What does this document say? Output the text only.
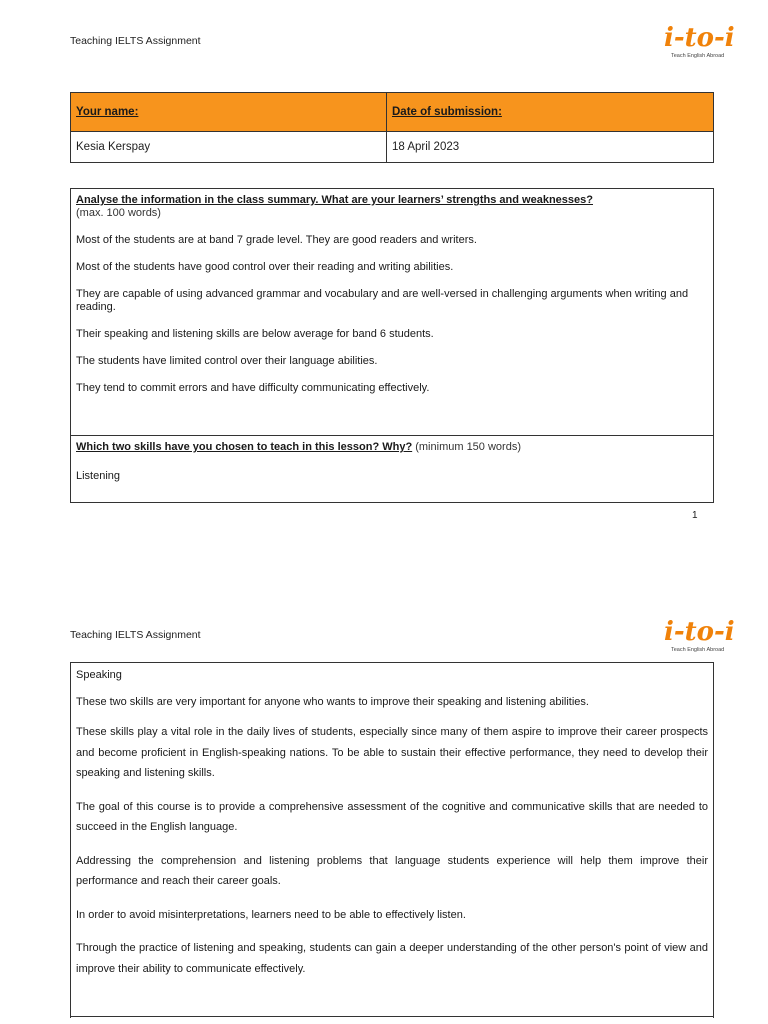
Teaching IELTS Assignment	i-to-i
Teach English Abroad
Your name:	Date of submission:
Kesia Kerspay	18 April 2023

Analyse the information in the class summary. What are your learners’ strengths and weaknesses?

(max. 100 words)

Most of the students are at band 7 grade level. They are good readers and writers.

Most of the students have good control over their reading and writing abilities.

They are capable of using advanced grammar and vocabulary and are well-versed in challenging arguments when writing and reading.

Their speaking and listening skills are below average for band 6 students.

The students have limited control over their language abilities.

They tend to commit errors and have difficulty communicating effectively.

Which two skills have you chosen to teach in this lesson? Why? (minimum 150 words)

Listening

1
Teaching IELTS Assignment	i-to-i
Teach English Abroad

Speaking

These two skills are very important for anyone who wants to improve their speaking and listening abilities.

These skills play a vital role in the daily lives of students, especially since many of them aspire to improve their career prospects and become proficient in English-speaking nations. To be able to sustain their effective performance, they need to develop their speaking and listening skills.

The goal of this course is to provide a comprehensive assessment of the cognitive and communicative skills that are needed to succeed in the English language.

Addressing the comprehension and listening problems that language students experience will help them improve their performance and reach their career goals.

In order to avoid misinterpretations, learners need to be able to effectively listen.

Through the practice of listening and speaking, students can gain a deeper understanding of the other person's point of view and improve their ability to communicate effectively.
